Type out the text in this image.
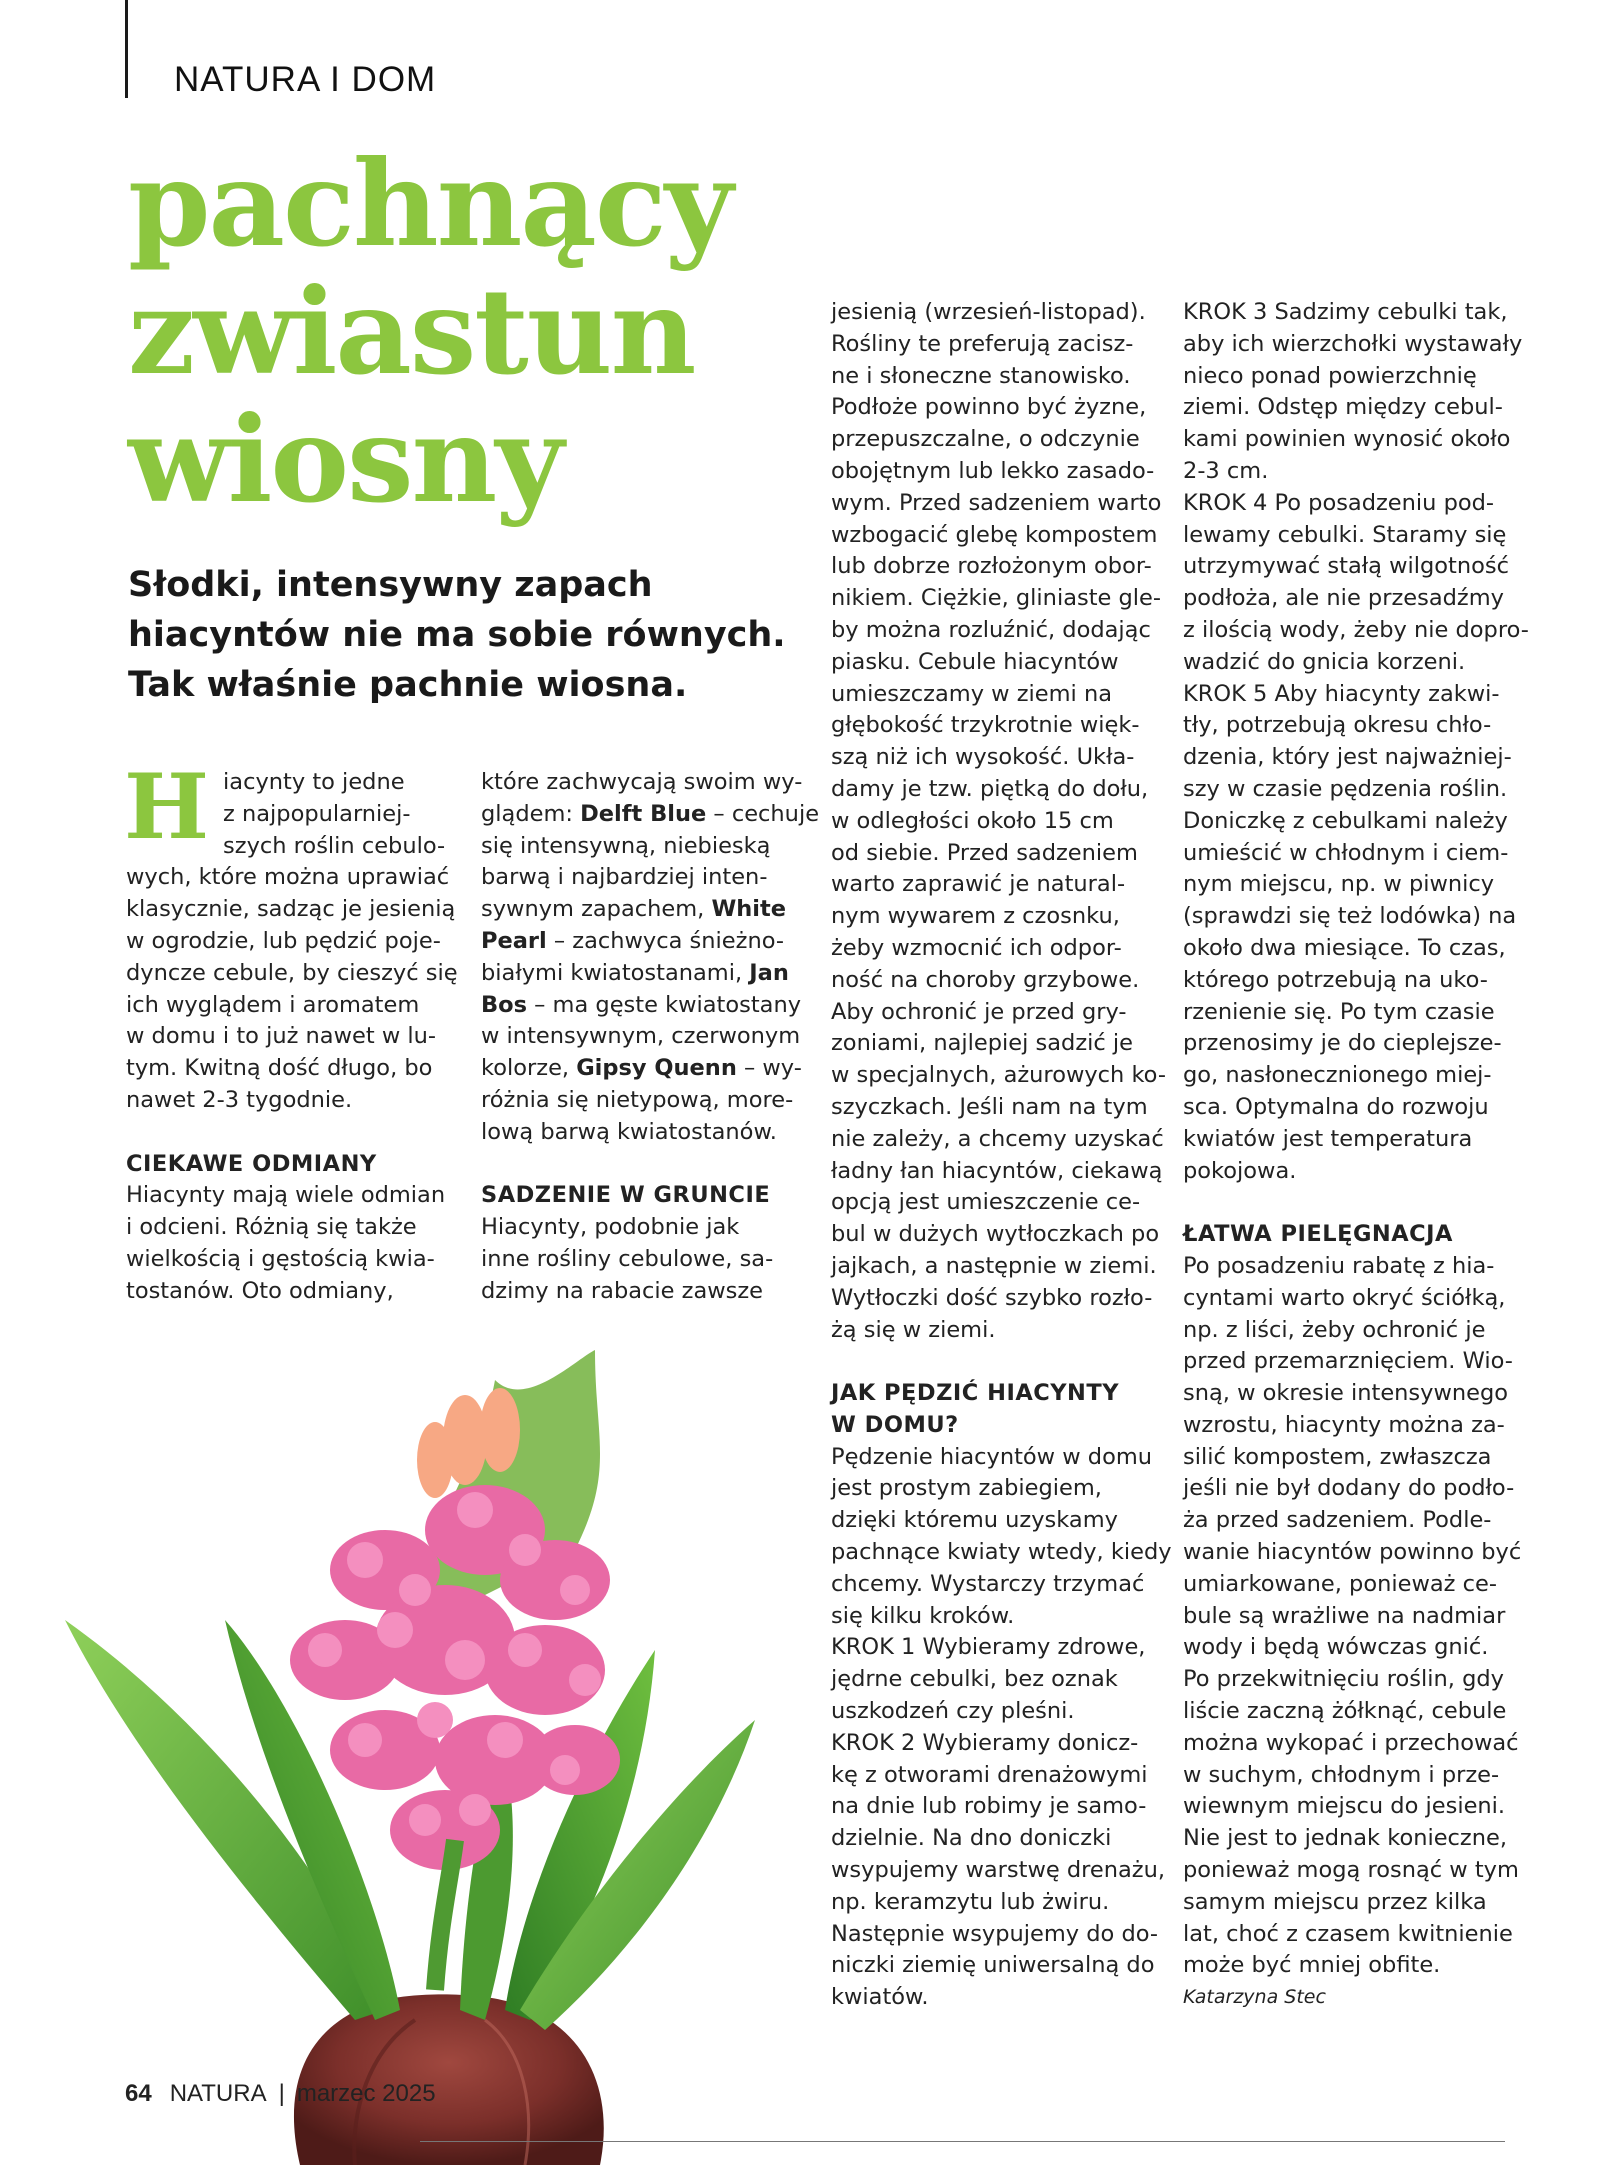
NATURA I DOM
pachnący
zwiastun
wiosny
Słodki, intensywny zapach
hiacyntów nie ma sobie równych.
Tak właśnie pachnie wiosna.
H iacynty to jedne

z najpopularniej-

szych roślin cebulo-

wych, które można uprawiać

klasycznie, sadząc je jesienią

w ogrodzie, lub pędzić poje-

dyncze cebule, by cieszyć się

ich wyglądem i aromatem

w domu i to już nawet w lu-

tym. Kwitną dość długo, bo

nawet 2-3 tygodnie.

CIEKAWE ODMIANY

Hiacynty mają wiele odmian

i odcieni. Różnią się także

wielkością i gęstością kwia-

tostanów. Oto odmiany,

które zachwycają swoim wy-

glądem: Delft Blue – cechuje

się intensywną, niebieską

barwą i najbardziej inten-

sywnym zapachem, White

Pearl – zachwyca śnieżno-

białymi kwiatostanami, Jan

Bos – ma gęste kwiatostany

w intensywnym, czerwonym

kolorze, Gipsy Quenn – wy-

różnia się nietypową, more-

lową barwą kwiatostanów.

SADZENIE W GRUNCIE

Hiacynty, podobnie jak

inne rośliny cebulowe, sa-

dzimy na rabacie zawsze

jesienią (wrzesień-listopad).

Rośliny te preferują zacisz-

ne i słoneczne stanowisko.

Podłoże powinno być żyzne,

przepuszczalne, o odczynie

obojętnym lub lekko zasado-

wym. Przed sadzeniem warto

wzbogacić glebę kompostem

lub dobrze rozłożonym obor-

nikiem. Ciężkie, gliniaste gle-

by można rozluźnić, dodając

piasku. Cebule hiacyntów

umieszczamy w ziemi na

głębokość trzykrotnie więk-

szą niż ich wysokość. Ukła-

damy je tzw. piętką do dołu,

w odległości około 15 cm

od siebie. Przed sadzeniem

warto zaprawić je natural-

nym wywarem z czosnku,

żeby wzmocnić ich odpor-

ność na choroby grzybowe.

Aby ochronić je przed gry-

zoniami, najlepiej sadzić je

w specjalnych, ażurowych ko-

szyczkach. Jeśli nam na tym

nie zależy, a chcemy uzyskać

ładny łan hiacyntów, ciekawą

opcją jest umieszczenie ce-

bul w dużych wytłoczkach po

jajkach, a następnie w ziemi.

Wytłoczki dość szybko rozło-

żą się w ziemi.

JAK PĘDZIĆ HIACYNTY

W DOMU?

Pędzenie hiacyntów w domu

jest prostym zabiegiem,

dzięki któremu uzyskamy

pachnące kwiaty wtedy, kiedy

chcemy. Wystarczy trzymać

się kilku kroków.

KROK 1 Wybieramy zdrowe,

jędrne cebulki, bez oznak

uszkodzeń czy pleśni.

KROK 2 Wybieramy donicz-

kę z otworami drenażowymi

na dnie lub robimy je samo-

dzielnie. Na dno doniczki

wsypujemy warstwę drenażu,

np. keramzytu lub żwiru.

Następnie wsypujemy do do-

niczki ziemię uniwersalną do

kwiatów.

KROK 3 Sadzimy cebulki tak,

aby ich wierzchołki wystawały

nieco ponad powierzchnię

ziemi. Odstęp między cebul-

kami powinien wynosić około

2-3 cm.

KROK 4 Po posadzeniu pod-

lewamy cebulki. Staramy się

utrzymywać stałą wilgotność

podłoża, ale nie przesadźmy

z ilością wody, żeby nie dopro-

wadzić do gnicia korzeni.

KROK 5 Aby hiacynty zakwi-

tły, potrzebują okresu chło-

dzenia, który jest najważniej-

szy w czasie pędzenia roślin.

Doniczkę z cebulkami należy

umieścić w chłodnym i ciem-

nym miejscu, np. w piwnicy

(sprawdzi się też lodówka) na

około dwa miesiące. To czas,

którego potrzebują na uko-

rzenienie się. Po tym czasie

przenosimy je do cieplejsze-

go, nasłonecznionego miej-

sca. Optymalna do rozwoju

kwiatów jest temperatura

pokojowa.

ŁATWA PIELĘGNACJA

Po posadzeniu rabatę z hia-

cyntami warto okryć ściółką,

np. z liści, żeby ochronić je

przed przemarznięciem. Wio-

sną, w okresie intensywnego

wzrostu, hiacynty można za-

silić kompostem, zwłaszcza

jeśli nie był dodany do podło-

ża przed sadzeniem. Podle-

wanie hiacyntów powinno być

umiarkowane, ponieważ ce-

bule są wrażliwe na nadmiar

wody i będą wówczas gnić.

Po przekwitnięciu roślin, gdy

liście zaczną żółknąć, cebule

można wykopać i przechować

w suchym, chłodnym i prze-

wiewnym miejscu do jesieni.

Nie jest to jednak konieczne,

ponieważ mogą rosnąć w tym

samym miejscu przez kilka

lat, choć z czasem kwitnienie

może być mniej obfite.

Katarzyna Stec

64 NATURA | marzec 2025
